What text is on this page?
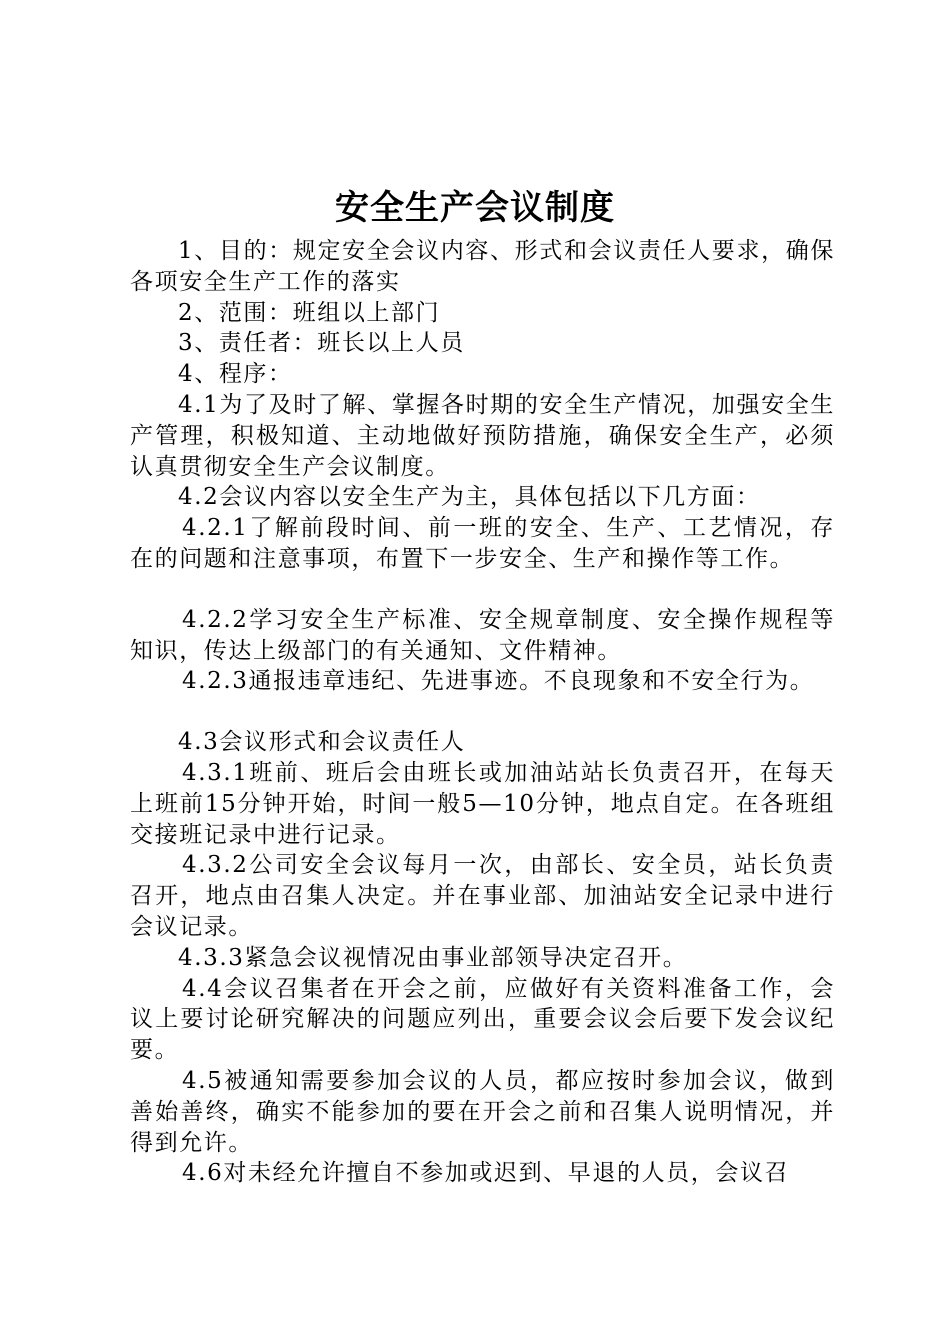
安全生产会议制度

1、目的：规定安全会议内容、形式和会议责任人要求，确保各项安全生产工作的落实

2、范围：班组以上部门

3、责任者：班长以上人员

4、程序：

4.1为了及时了解、掌握各时期的安全生产情况，加强安全生产管理，积极知道、主动地做好预防措施，确保安全生产，必须认真贯彻安全生产会议制度。

4.2会议内容以安全生产为主，具体包括以下几方面：

4.2.1了解前段时间、前一班的安全、生产、工艺情况，存在的问题和注意事项，布置下一步安全、生产和操作等工作。

4.2.2学习安全生产标准、安全规章制度、安全操作规程等知识，传达上级部门的有关通知、文件精神。

4.2.3通报违章违纪、先进事迹。不良现象和不安全行为。

4.3会议形式和会议责任人

4.3.1班前、班后会由班长或加油站站长负责召开，在每天上班前15分钟开始，时间一般5—10分钟，地点自定。在各班组交接班记录中进行记录。

4.3.2公司安全会议每月一次，由部长、安全员，站长负责召开，地点由召集人决定。并在事业部、加油站安全记录中进行会议记录。

4.3.3紧急会议视情况由事业部领导决定召开。

4.4会议召集者在开会之前，应做好有关资料准备工作，会议上要讨论研究解决的问题应列出，重要会议会后要下发会议纪要。

4.5被通知需要参加会议的人员，都应按时参加会议，做到善始善终，确实不能参加的要在开会之前和召集人说明情况，并得到允许。

4.6对未经允许擅自不参加或迟到、早退的人员，会议召
